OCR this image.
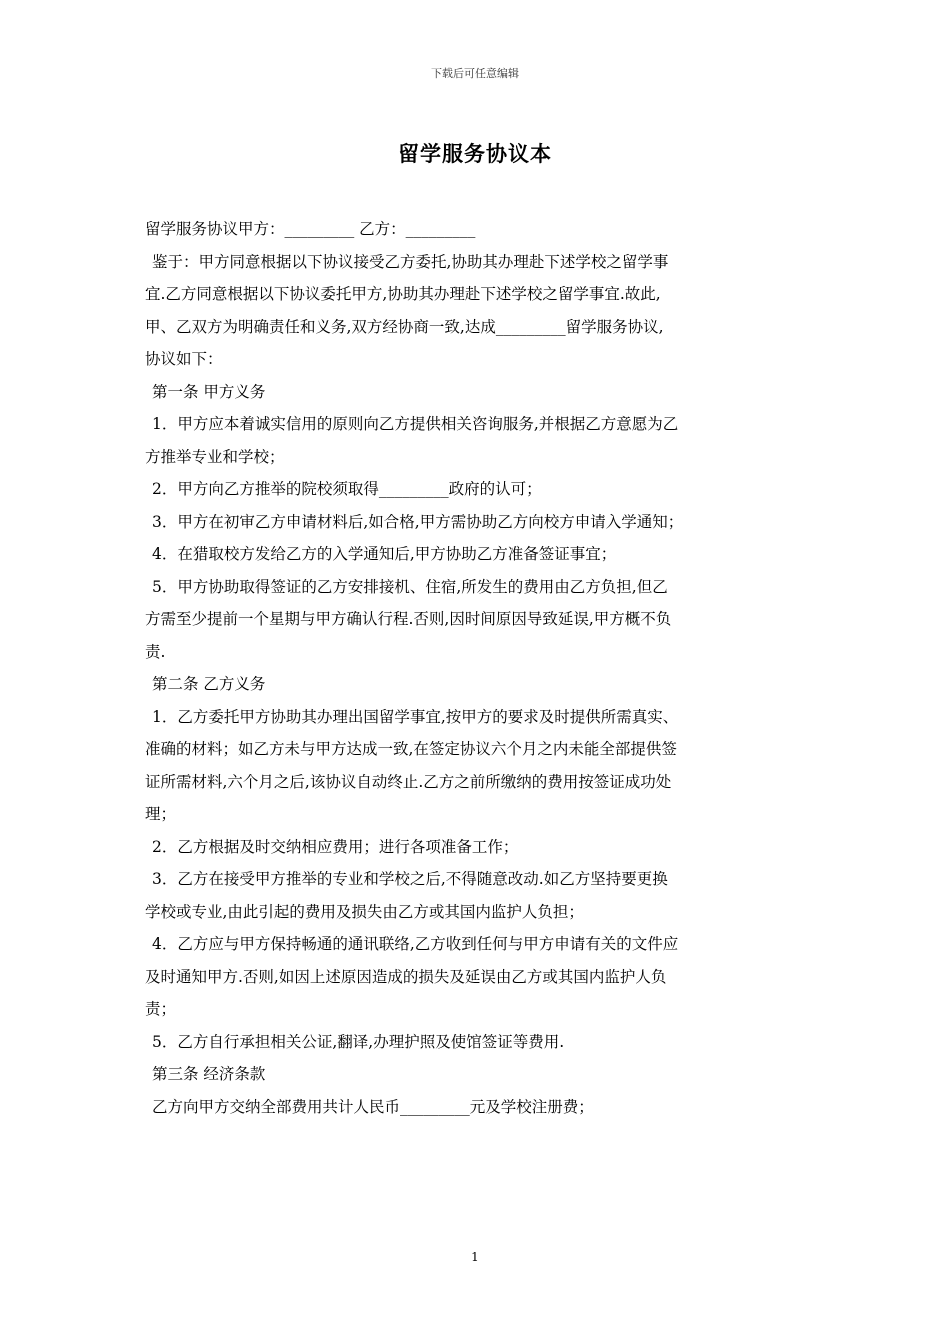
下载后可任意编辑
留学服务协议本
留学服务协议甲方：_________ 乙方：_________
鉴于：甲方同意根据以下协议接受乙方委托,协助其办理赴下述学校之留学事
宜.乙方同意根据以下协议委托甲方,协助其办理赴下述学校之留学事宜.故此,
甲、乙双方为明确责任和义务,双方经协商一致,达成_________留学服务协议,
协议如下：
第一条 甲方义务
1．甲方应本着诚实信用的原则向乙方提供相关咨询服务,并根据乙方意愿为乙
方推举专业和学校；
2．甲方向乙方推举的院校须取得_________政府的认可；
3．甲方在初审乙方申请材料后,如合格,甲方需协助乙方向校方申请入学通知；
4．在猎取校方发给乙方的入学通知后,甲方协助乙方准备签证事宜；
5．甲方协助取得签证的乙方安排接机、住宿,所发生的费用由乙方负担,但乙
方需至少提前一个星期与甲方确认行程.否则,因时间原因导致延误,甲方概不负
责.
第二条 乙方义务
1．乙方委托甲方协助其办理出国留学事宜,按甲方的要求及时提供所需真实、
准确的材料；如乙方未与甲方达成一致,在签定协议六个月之内未能全部提供签
证所需材料,六个月之后,该协议自动终止.乙方之前所缴纳的费用按签证成功处
理；
2．乙方根据及时交纳相应费用；进行各项准备工作；
3．乙方在接受甲方推举的专业和学校之后,不得随意改动.如乙方坚持要更换
学校或专业,由此引起的费用及损失由乙方或其国内监护人负担；
4．乙方应与甲方保持畅通的通讯联络,乙方收到任何与甲方申请有关的文件应
及时通知甲方.否则,如因上述原因造成的损失及延误由乙方或其国内监护人负
责；
5．乙方自行承担相关公证,翻译,办理护照及使馆签证等费用.
第三条 经济条款
乙方向甲方交纳全部费用共计人民币_________元及学校注册费；
1
